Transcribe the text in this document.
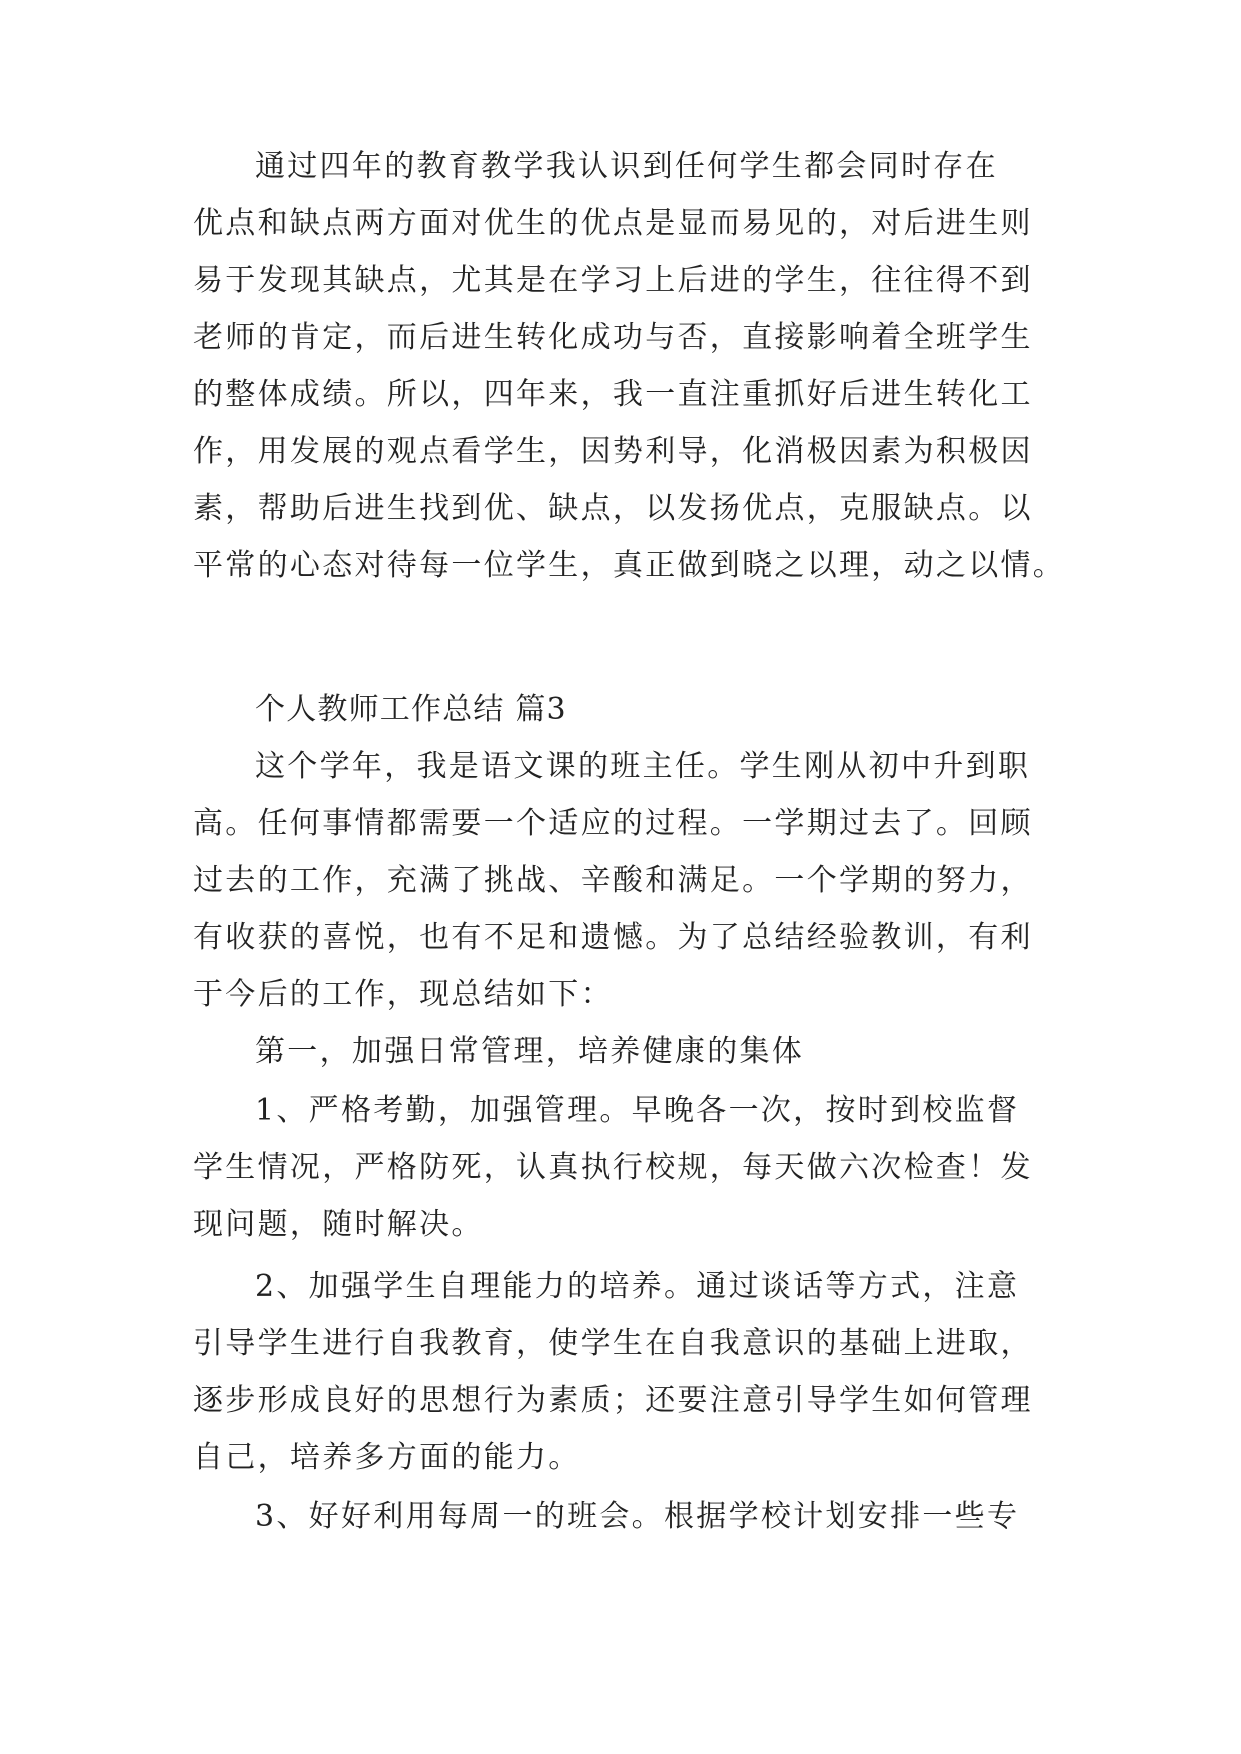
通过四年的教育教学我认识到任何学生都会同时存在
优点和缺点两方面对优生的优点是显而易见的，对后进生则
易于发现其缺点，尤其是在学习上后进的学生，往往得不到
老师的肯定，而后进生转化成功与否，直接影响着全班学生
的整体成绩。所以，四年来，我一直注重抓好后进生转化工
作，用发展的观点看学生，因势利导，化消极因素为积极因
素，帮助后进生找到优、缺点，以发扬优点，克服缺点。以
平常的心态对待每一位学生，真正做到晓之以理，动之以情。
个人教师工作总结 篇3
这个学年，我是语文课的班主任。学生刚从初中升到职
高。任何事情都需要一个适应的过程。一学期过去了。回顾
过去的工作，充满了挑战、辛酸和满足。一个学期的努力，
有收获的喜悦，也有不足和遗憾。为了总结经验教训，有利
于今后的工作，现总结如下：
第一，加强日常管理，培养健康的集体
1、严格考勤，加强管理。早晚各一次，按时到校监督
学生情况，严格防死，认真执行校规，每天做六次检查！发
现问题，随时解决。
2、加强学生自理能力的培养。通过谈话等方式，注意
引导学生进行自我教育，使学生在自我意识的基础上进取，
逐步形成良好的思想行为素质；还要注意引导学生如何管理
自己，培养多方面的能力。
3、好好利用每周一的班会。根据学校计划安排一些专
